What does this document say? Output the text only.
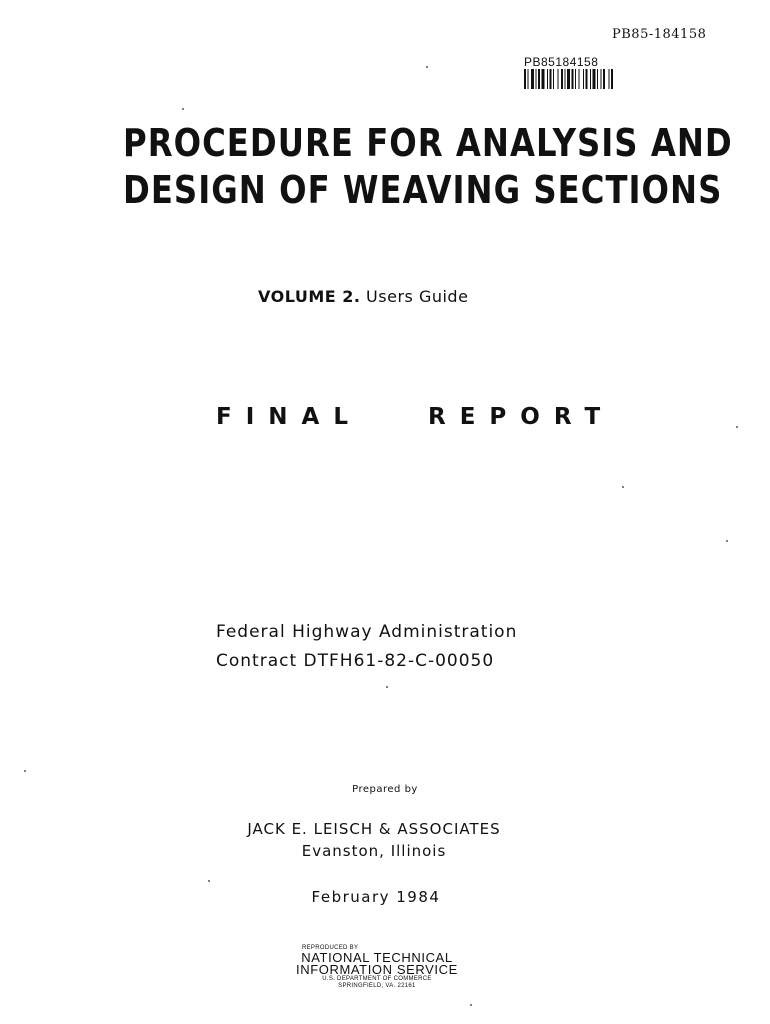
PB85-184158
PB85184158
PROCEDURE FOR ANALYSIS AND
DESIGN OF WEAVING SECTIONS
VOLUME 2. Users Guide
FINAL   REPORT
Federal Highway Administration
Contract DTFH61-82-C-00050
Prepared by
JACK E. LEISCH & ASSOCIATES
Evanston, Illinois
February 1984
REPRODUCED BY
NATIONAL TECHNICAL
INFORMATION SERVICE
U.S. DEPARTMENT OF COMMERCE
SPRINGFIELD, VA. 22161
